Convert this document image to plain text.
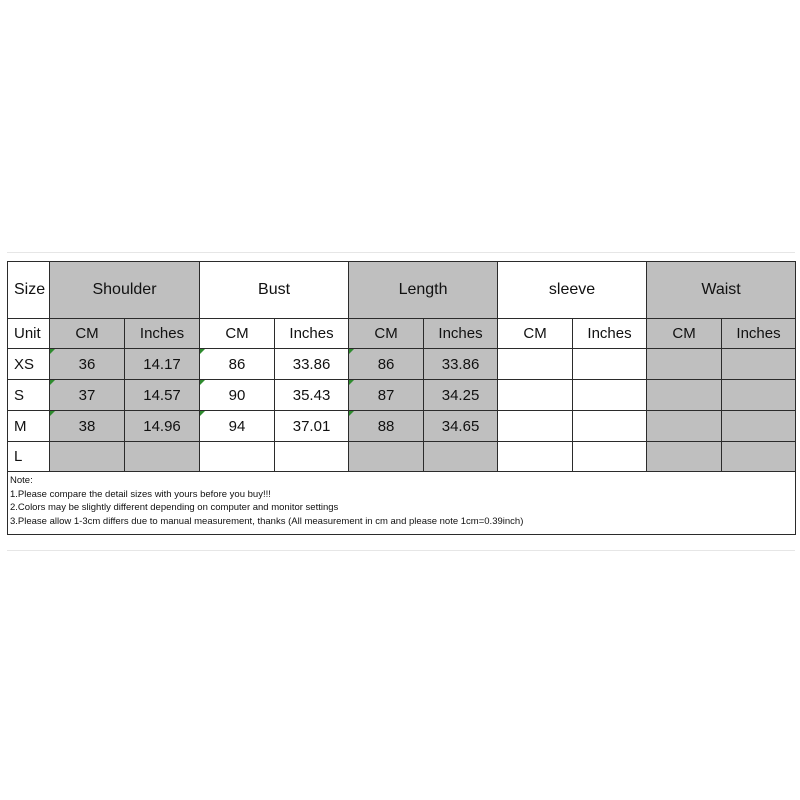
Size	Shoulder		Bust		Length		sleeve		Waist	
Unit	CM	Inches	CM	Inches	CM	Inches	CM	Inches	CM	Inches
XS	36	14.17	86	33.86	86	33.86				
S	37	14.57	90	35.43	87	34.25				
M	38	14.96	94	37.01	88	34.65				
L										

Note:
1.Please compare the detail sizes with yours before you buy!!!
2.Colors may be slightly different depending on computer and monitor settings
3.Please allow 1-3cm differs due to manual measurement, thanks (All measurement in cm and please note 1cm=0.39inch)										
